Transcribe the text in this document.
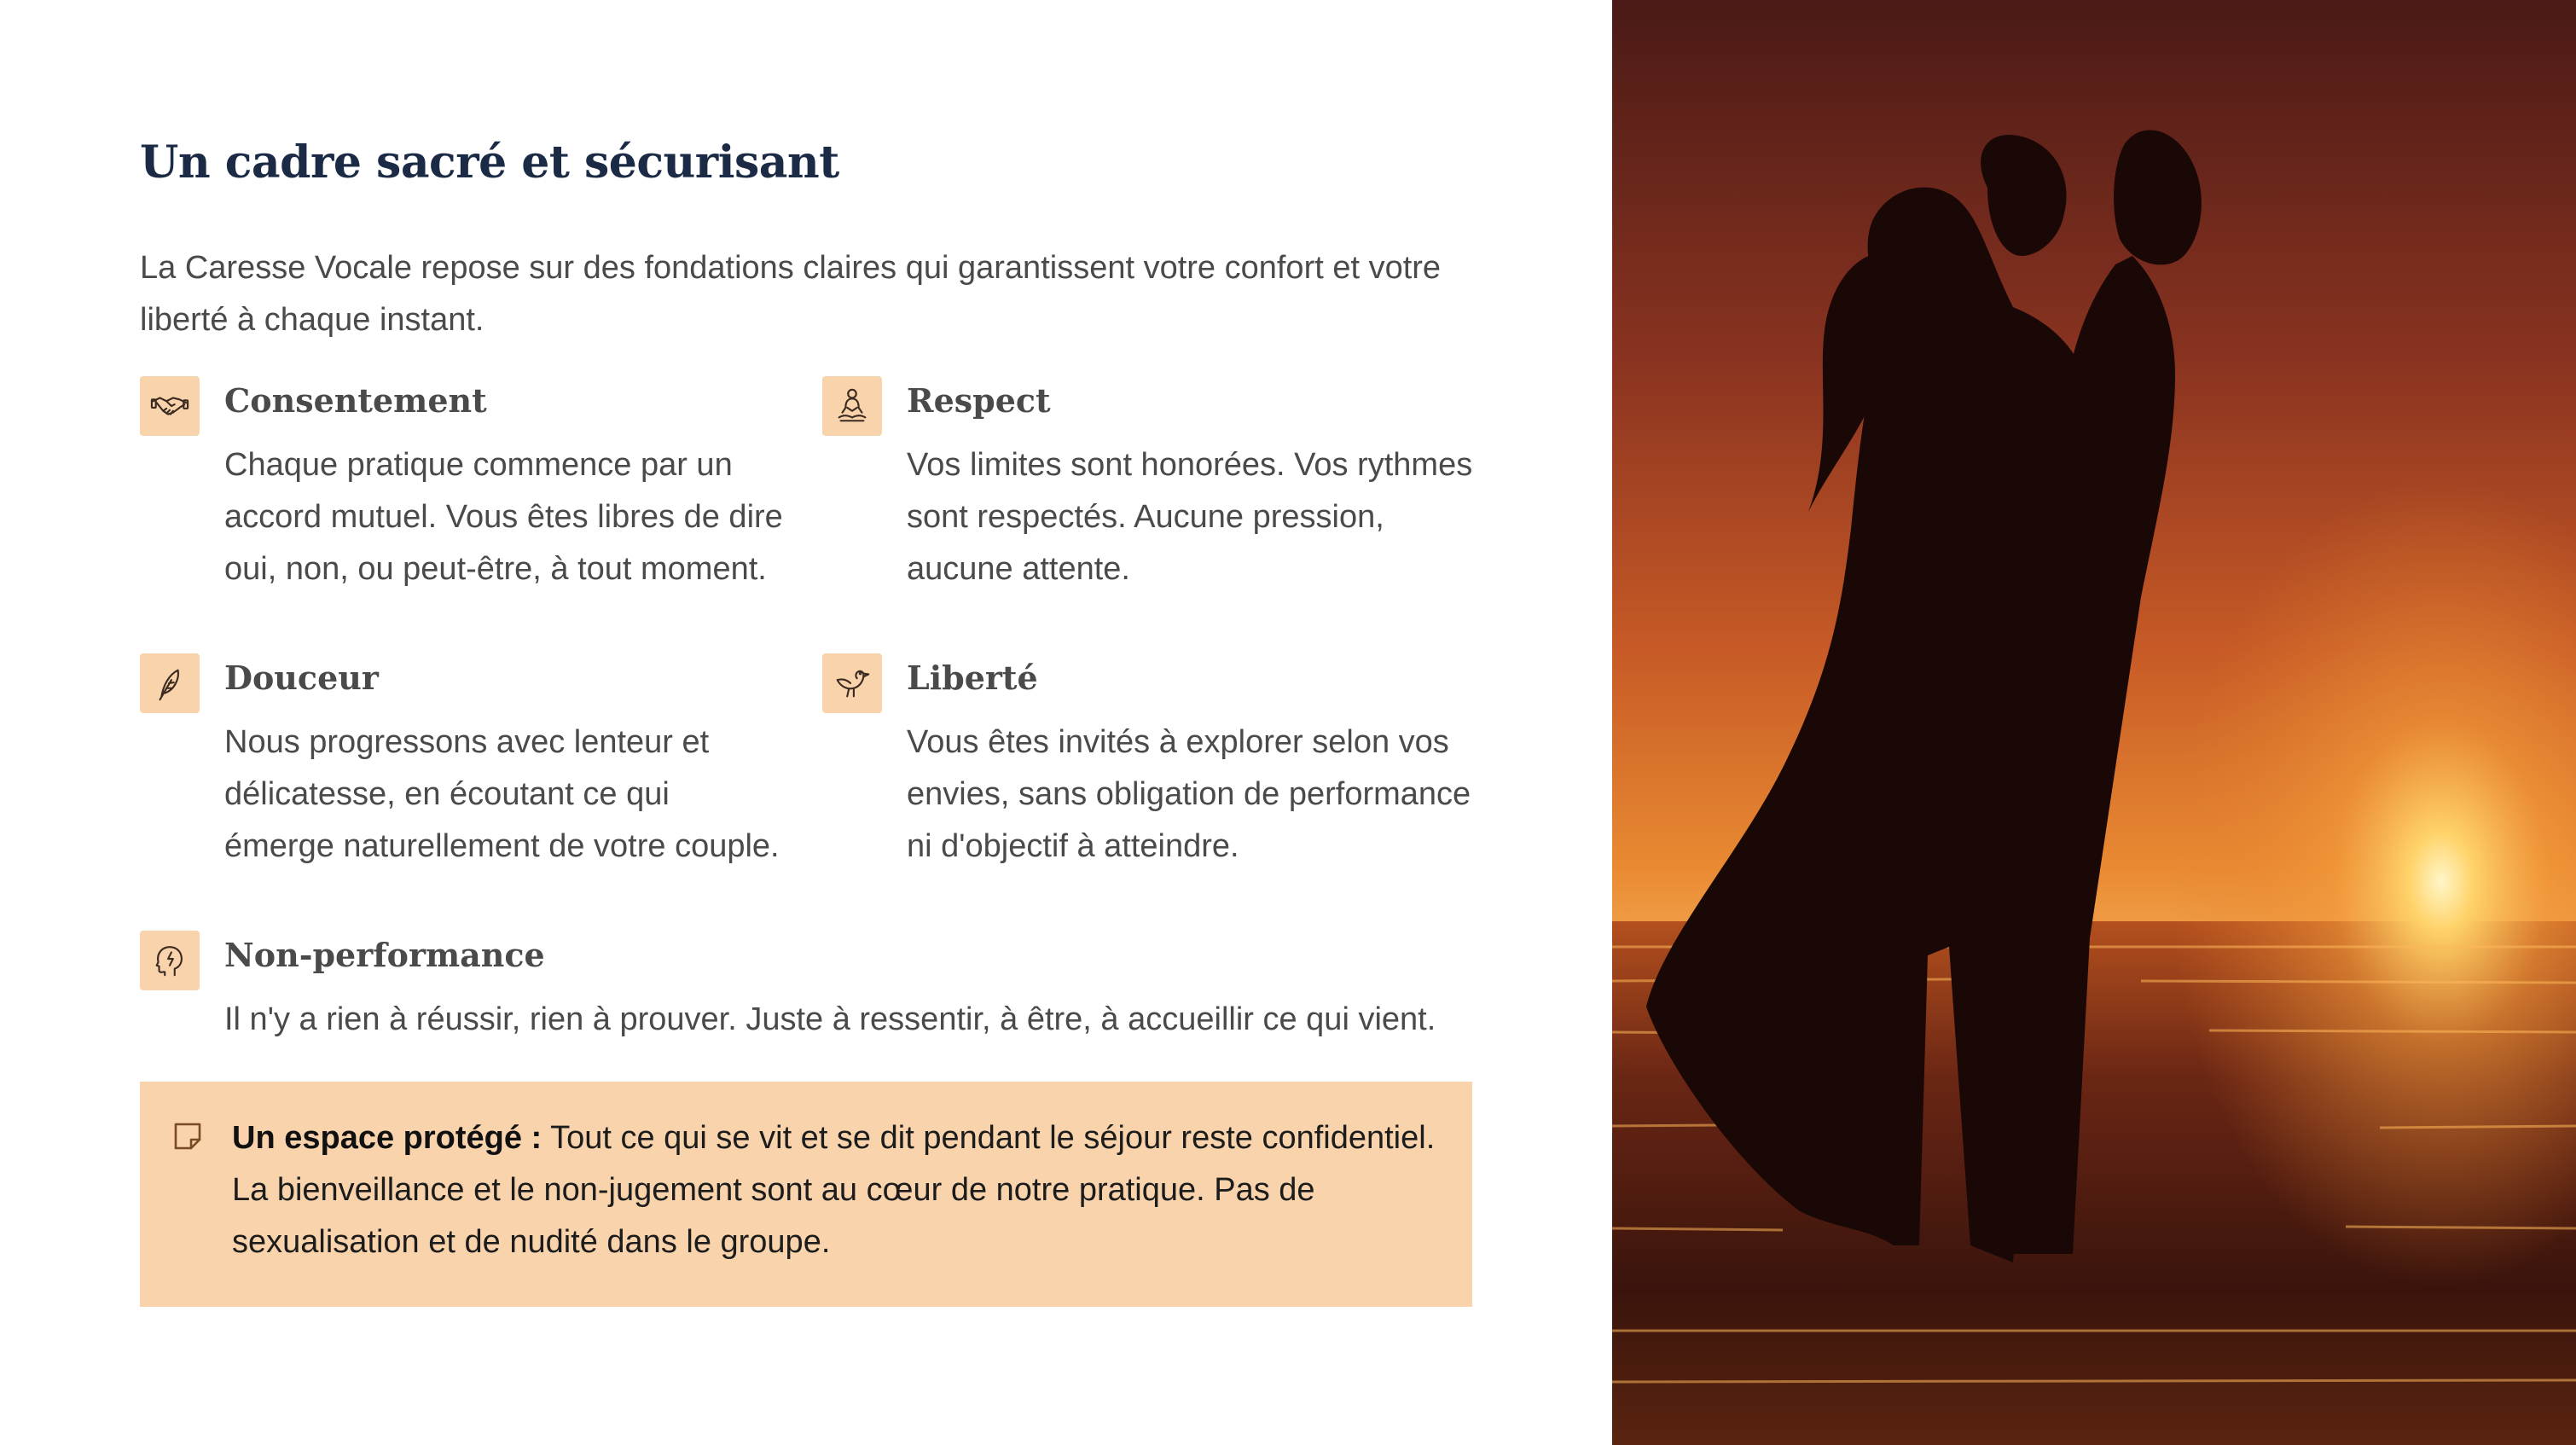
Un cadre sacré et sécurisant

La Caresse Vocale repose sur des fondations claires qui garantissent votre confort et votre liberté à chaque instant.

Consentement

Chaque pratique commence par un accord mutuel. Vous êtes libres de dire oui, non, ou peut-être, à tout moment.

Respect

Vos limites sont honorées. Vos rythmes sont respectés. Aucune pression, aucune attente.

Douceur

Nous progressons avec lenteur et délicatesse, en écoutant ce qui émerge naturellement de votre couple.

Liberté

Vous êtes invités à explorer selon vos envies, sans obligation de performance ni d'objectif à atteindre.

Non-performance

Il n'y a rien à réussir, rien à prouver. Juste à ressentir, à être, à accueillir ce qui vient.

Un espace protégé : Tout ce qui se vit et se dit pendant le séjour reste confidentiel. La bienveillance et le non-jugement sont au cœur de notre pratique. Pas de sexualisation et de nudité dans le groupe.
